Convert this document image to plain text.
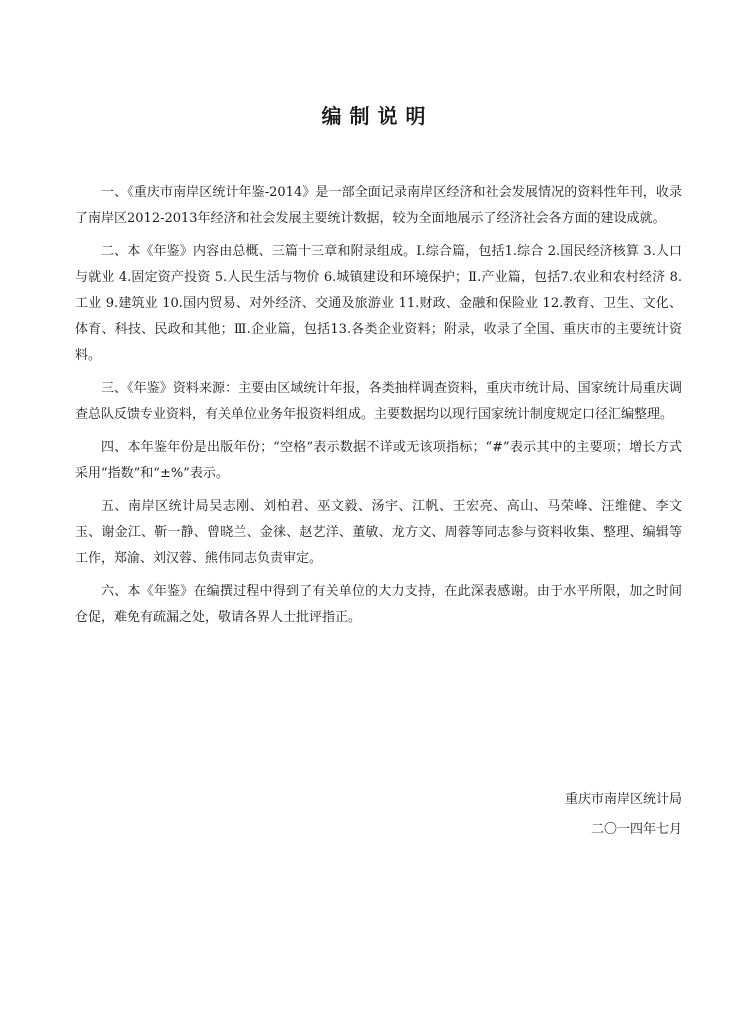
编制说明

一、《重庆市南岸区统计年鉴-2014》是一部全面记录南岸区经济和社会发展情况的资料性年刊，收录了南岸区2012-2013年经济和社会发展主要统计数据，较为全面地展示了经济社会各方面的建设成就。

二、本《年鉴》内容由总概、三篇十三章和附录组成。Ⅰ.综合篇，包括1.综合 2.国民经济核算 3.人口与就业 4.固定资产投资 5.人民生活与物价 6.城镇建设和环境保护；Ⅱ.产业篇，包括7.农业和农村经济 8.工业 9.建筑业 10.国内贸易、对外经济、交通及旅游业 11.财政、金融和保险业 12.教育、卫生、文化、体育、科技、民政和其他；Ⅲ.企业篇，包括13.各类企业资料；附录，收录了全国、重庆市的主要统计资料。

三、《年鉴》资料来源：主要由区域统计年报，各类抽样调查资料，重庆市统计局、国家统计局重庆调查总队反馈专业资料，有关单位业务年报资料组成。主要数据均以现行国家统计制度规定口径汇编整理。

四、本年鉴年份是出版年份；“空格”表示数据不详或无该项指标；“#”表示其中的主要项；增长方式采用“指数”和“±%”表示。

五、南岸区统计局吴志刚、刘柏君、巫文毅、汤宇、江帆、王宏亮、高山、马荣峰、汪维健、李文玉、谢金江、靳一静、曾晓兰、金徕、赵艺洋、董敏、龙方文、周蓉等同志参与资料收集、整理、编辑等工作，郑渝、刘汉蓉、熊伟同志负责审定。

六、本《年鉴》在编撰过程中得到了有关单位的大力支持，在此深表感谢。由于水平所限，加之时间仓促，难免有疏漏之处，敬请各界人士批评指正。

重庆市南岸区统计局
二〇一四年七月
